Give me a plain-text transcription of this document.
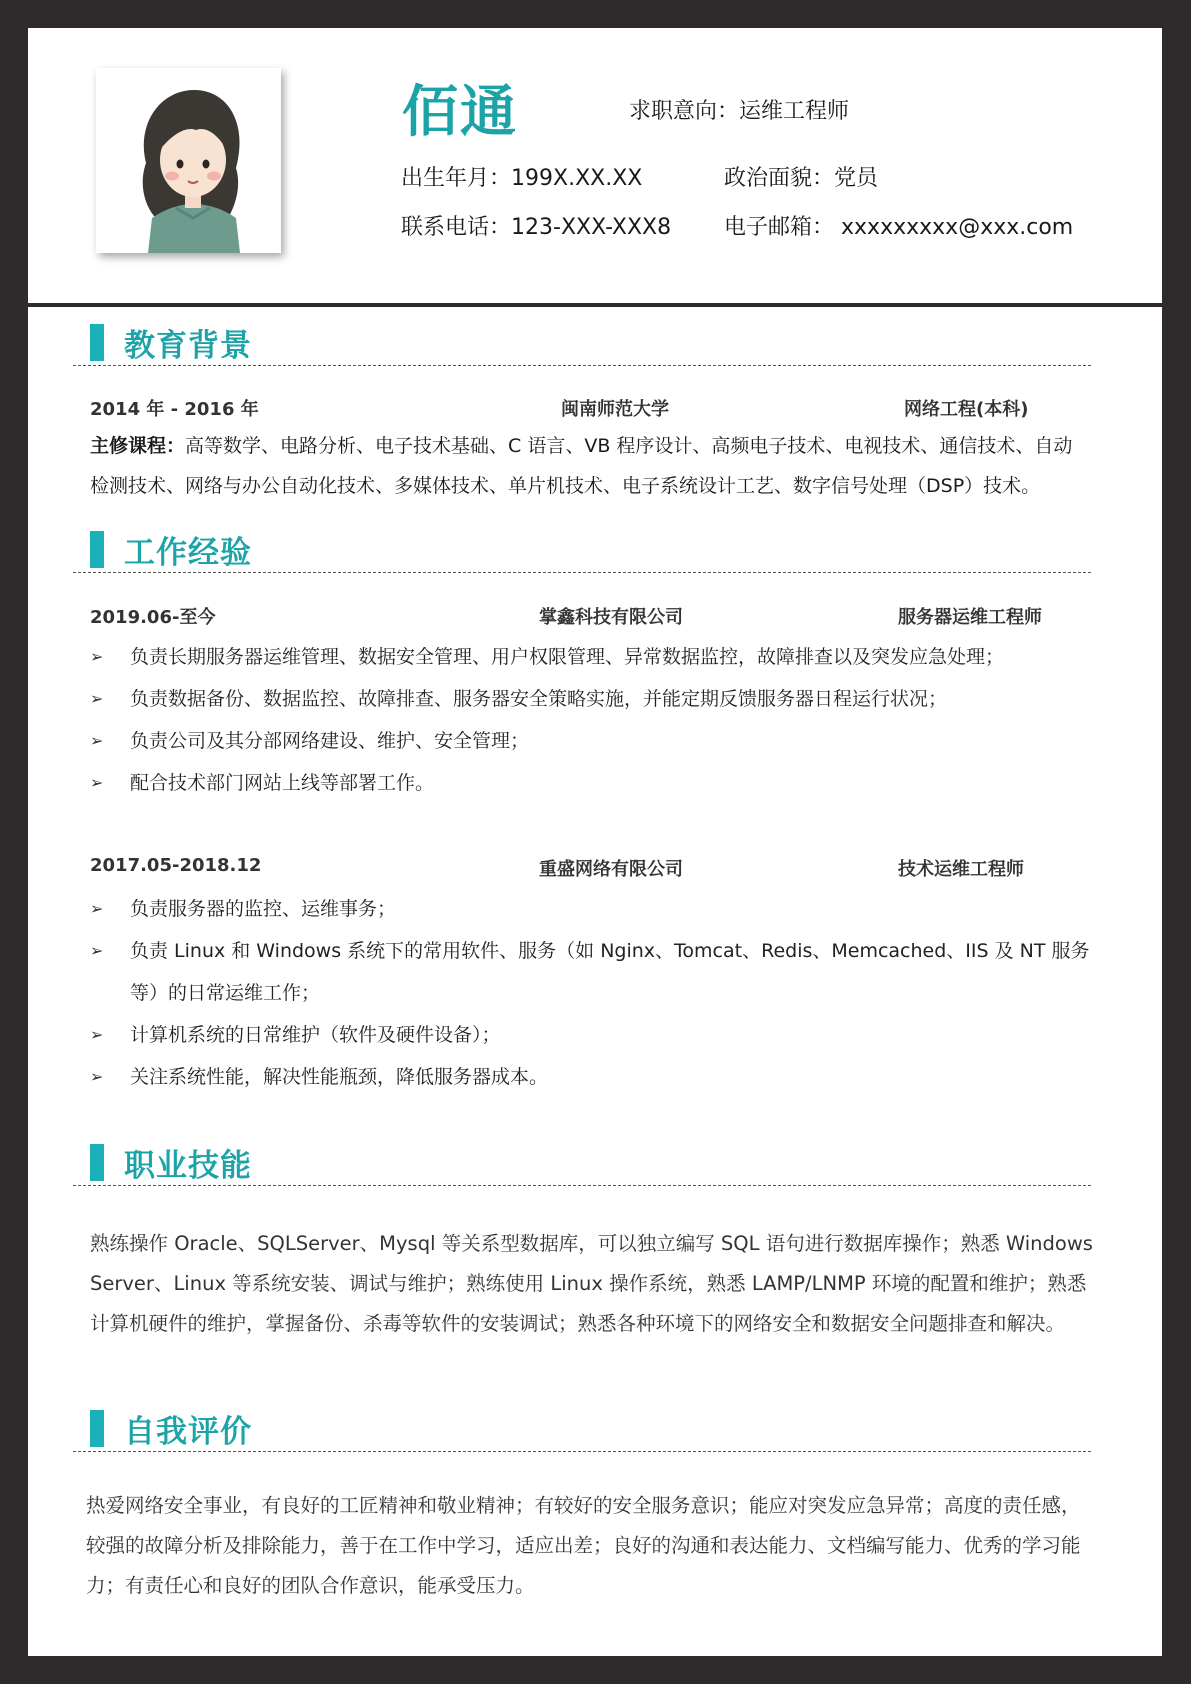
佰通	求职意向：运维工程师
出生年月：199X.XX.XX	政治面貌：党员
联系电话：123-XXX-XXX8 电子邮箱： xxxxxxxxx@xxx.com
教育背景
2014 年 - 2016 年	闽南师范大学	网络工程(本科)
主修课程：高等数学、电路分析、电子技术基础、C 语言、VB 程序设计、高频电子技术、电视技术、通信技术、自动检测技术、网络与办公自动化技术、多媒体技术、单片机技术、电子系统设计工艺、数字信号处理（DSP）技术。
工作经验
2019.06-至今	掌鑫科技有限公司	服务器运维工程师
➢ 负责长期服务器运维管理、数据安全管理、用户权限管理、异常数据监控，故障排查以及突发应急处理；
➢ 负责数据备份、数据监控、故障排查、服务器安全策略实施，并能定期反馈服务器日程运行状况；
➢ 负责公司及其分部网络建设、维护、安全管理；
➢ 配合技术部门网站上线等部署工作。
2017.05-2018.12	重盛网络有限公司	技术运维工程师
➢ 负责服务器的监控、运维事务；
➢ 负责 Linux 和 Windows 系统下的常用软件、服务（如 Nginx、Tomcat、Redis、Memcached、IIS 及 NT 服务等）的日常运维工作；
➢ 计算机系统的日常维护（软件及硬件设备）；
➢ 关注系统性能，解决性能瓶颈，降低服务器成本。
职业技能
熟练操作 Oracle、SQLServer、Mysql 等关系型数据库，可以独立编写 SQL 语句进行数据库操作；熟悉 Windows Server、Linux 等系统安装、调试与维护；熟练使用 Linux 操作系统，熟悉 LAMP/LNMP 环境的配置和维护；熟悉计算机硬件的维护，掌握备份、杀毒等软件的安装调试；熟悉各种环境下的网络安全和数据安全问题排查和解决。
自我评价
热爱网络安全事业，有良好的工匠精神和敬业精神；有较好的安全服务意识；能应对突发应急异常；高度的责任感，较强的故障分析及排除能力，善于在工作中学习，适应出差；良好的沟通和表达能力、文档编写能力、优秀的学习能力；有责任心和良好的团队合作意识，能承受压力。
